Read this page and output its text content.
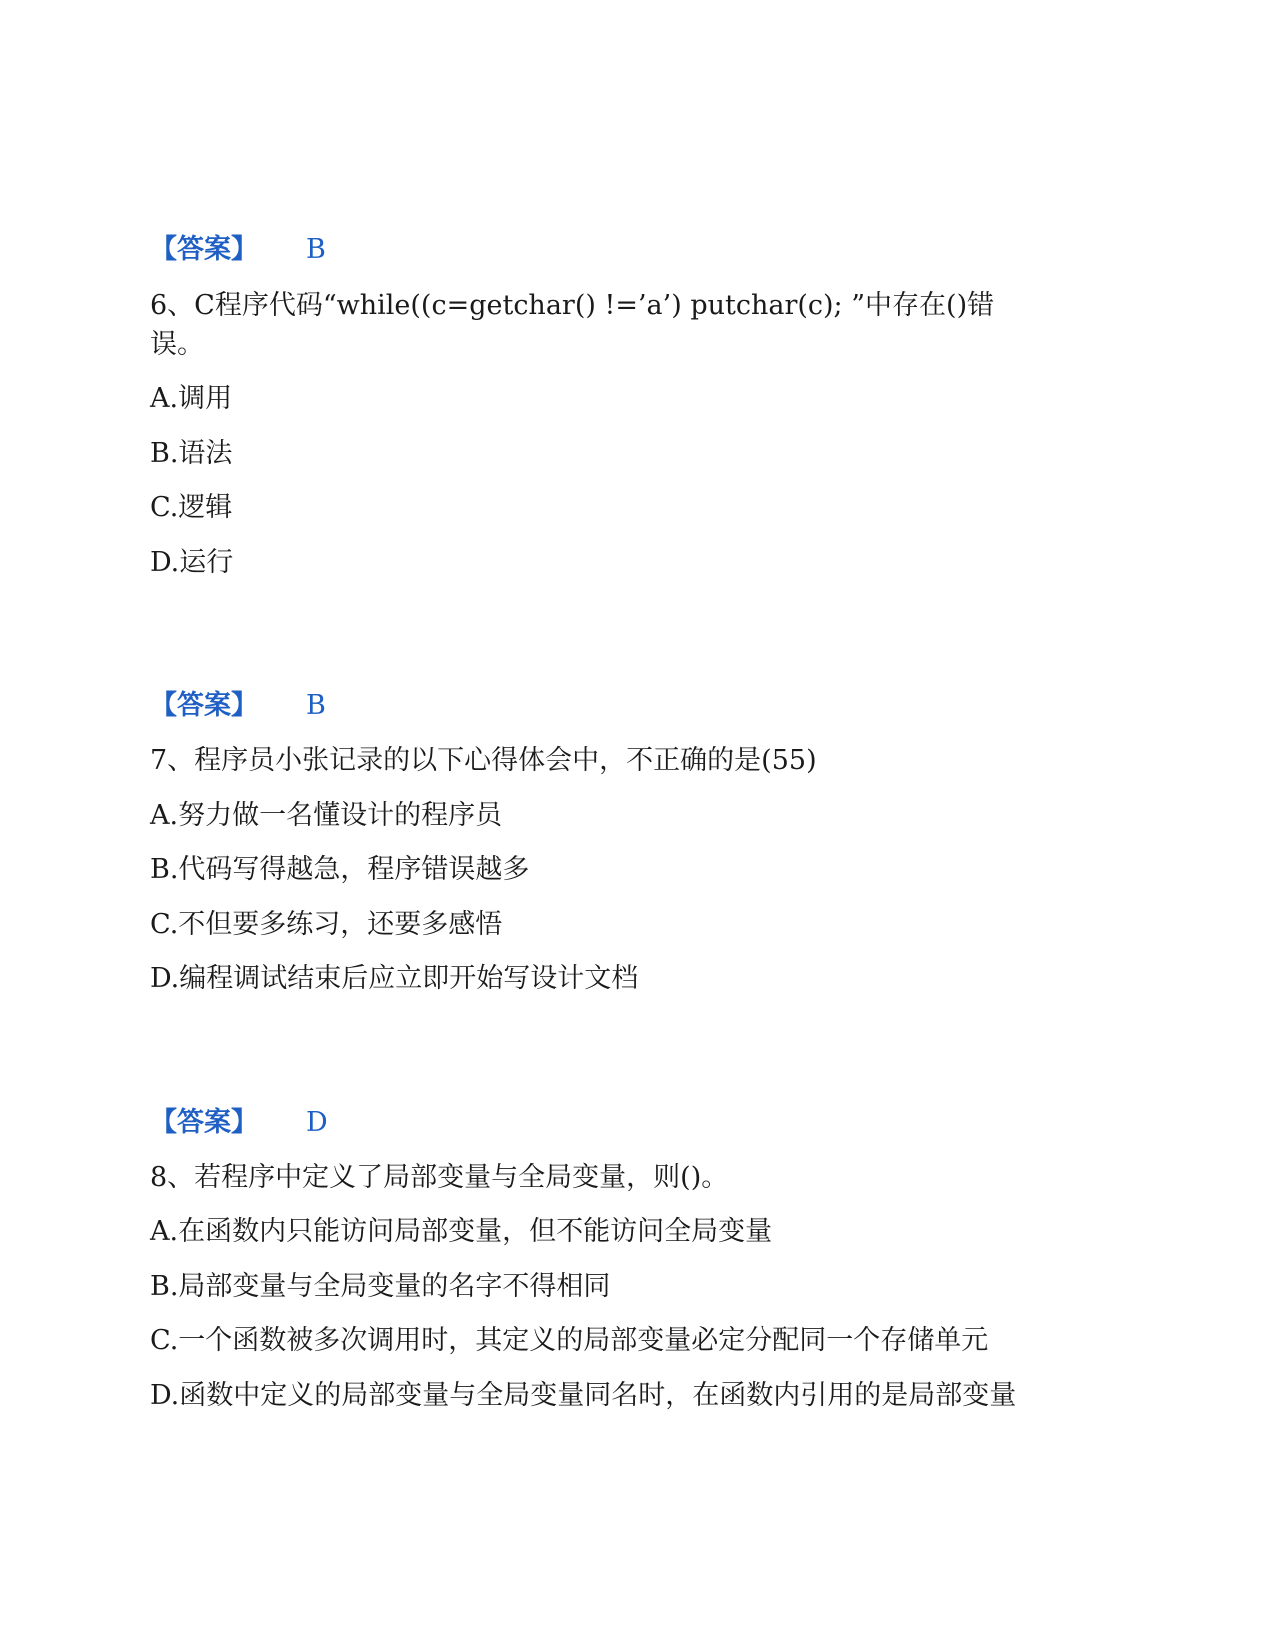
【答案】 B
6、C程序代码“while((c=getchar() !=’a’) putchar(c); ”中存在()错
误。
A.调用
B.语法
C.逻辑
D.运行
【答案】 B
7、程序员小张记录的以下心得体会中，不正确的是(55)
A.努力做一名懂设计的程序员
B.代码写得越急，程序错误越多
C.不但要多练习，还要多感悟
D.编程调试结束后应立即开始写设计文档
【答案】 D
8、若程序中定义了局部变量与全局变量，则()。
A.在函数内只能访问局部变量，但不能访问全局变量
B.局部变量与全局变量的名字不得相同
C.一个函数被多次调用时，其定义的局部变量必定分配同一个存储单元
D.函数中定义的局部变量与全局变量同名时，在函数内引用的是局部变量
